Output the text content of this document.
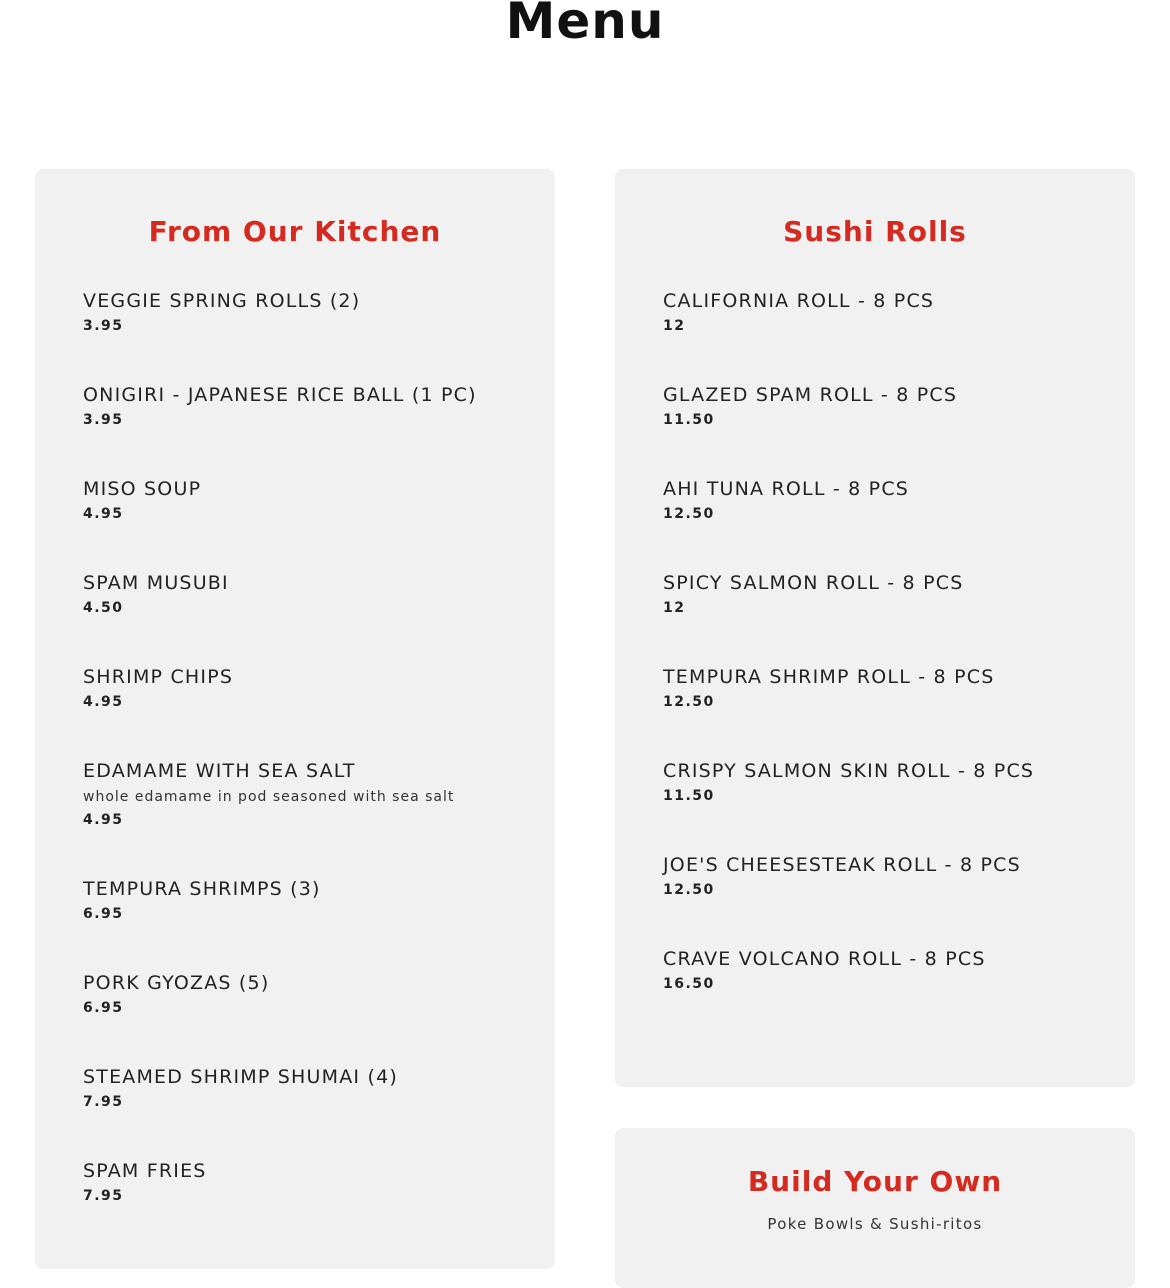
Menu
From Our Kitchen
VEGGIE SPRING ROLLS (2)
3.95
ONIGIRI - JAPANESE RICE BALL (1 PC)
3.95
MISO SOUP
4.95
SPAM MUSUBI
4.50
SHRIMP CHIPS
4.95
EDAMAME WITH SEA SALT
whole edamame in pod seasoned with sea salt
4.95
TEMPURA SHRIMPS (3)
6.95
PORK GYOZAS (5)
6.95
STEAMED SHRIMP SHUMAI (4)
7.95
SPAM FRIES
7.95
Sushi Rolls
CALIFORNIA ROLL - 8 PCS
12
GLAZED SPAM ROLL - 8 PCS
11.50
AHI TUNA ROLL - 8 PCS
12.50
SPICY SALMON ROLL - 8 PCS
12
TEMPURA SHRIMP ROLL - 8 PCS
12.50
CRISPY SALMON SKIN ROLL - 8 PCS
11.50
JOE'S CHEESESTEAK ROLL - 8 PCS
12.50
CRAVE VOLCANO ROLL - 8 PCS
16.50
Build Your Own

Poke Bowls & Sushi-ritos
